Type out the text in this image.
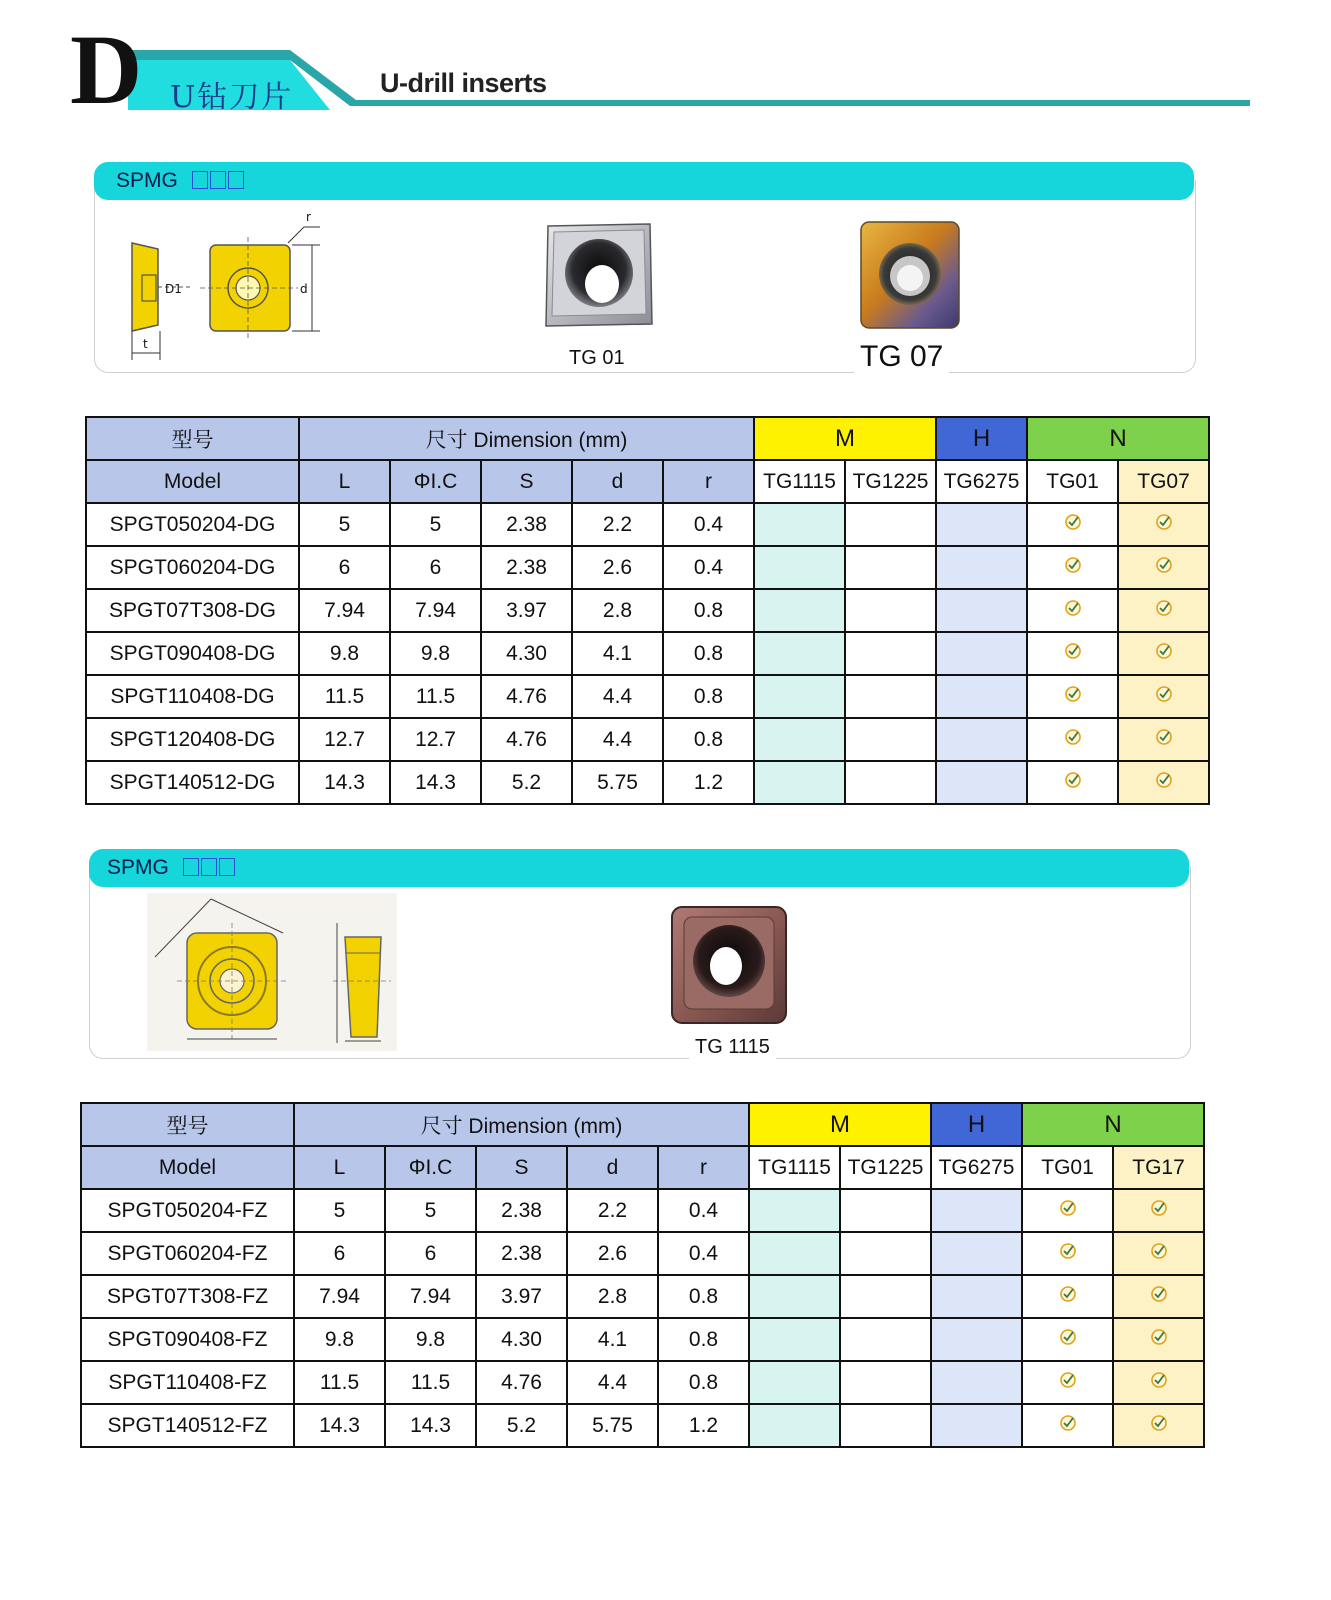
D U钻刀片	U-drill inserts
SPMG
t
D1	d
r
TG 01	TG 07
型号	尺寸 Dimension (mm)					M		H	N	
Model	L	ΦI.C	S	d	r	TG1115	TG1225	TG6275	TG01	TG07
SPGT050204-DG	5	5	2.38	2.2	0.4					
SPGT060204-DG	6	6	2.38	2.6	0.4					
SPGT07T308-DG	7.94	7.94	3.97	2.8	0.8					
SPGT090408-DG	9.8	9.8	4.30	4.1	0.8					
SPGT110408-DG	11.5	11.5	4.76	4.4	0.8					
SPGT120408-DG	12.7	12.7	4.76	4.4	0.8					
SPGT140512-DG	14.3	14.3	5.2	5.75	1.2					
SPMG
TG 1115
型号	尺寸 Dimension (mm)					M		H	N	
Model	L	ΦI.C	S	d	r	TG1115	TG1225	TG6275	TG01	TG17
SPGT050204-FZ	5	5	2.38	2.2	0.4					
SPGT060204-FZ	6	6	2.38	2.6	0.4					
SPGT07T308-FZ	7.94	7.94	3.97	2.8	0.8					
SPGT090408-FZ	9.8	9.8	4.30	4.1	0.8					
SPGT110408-FZ	11.5	11.5	4.76	4.4	0.8					
SPGT140512-FZ	14.3	14.3	5.2	5.75	1.2					
